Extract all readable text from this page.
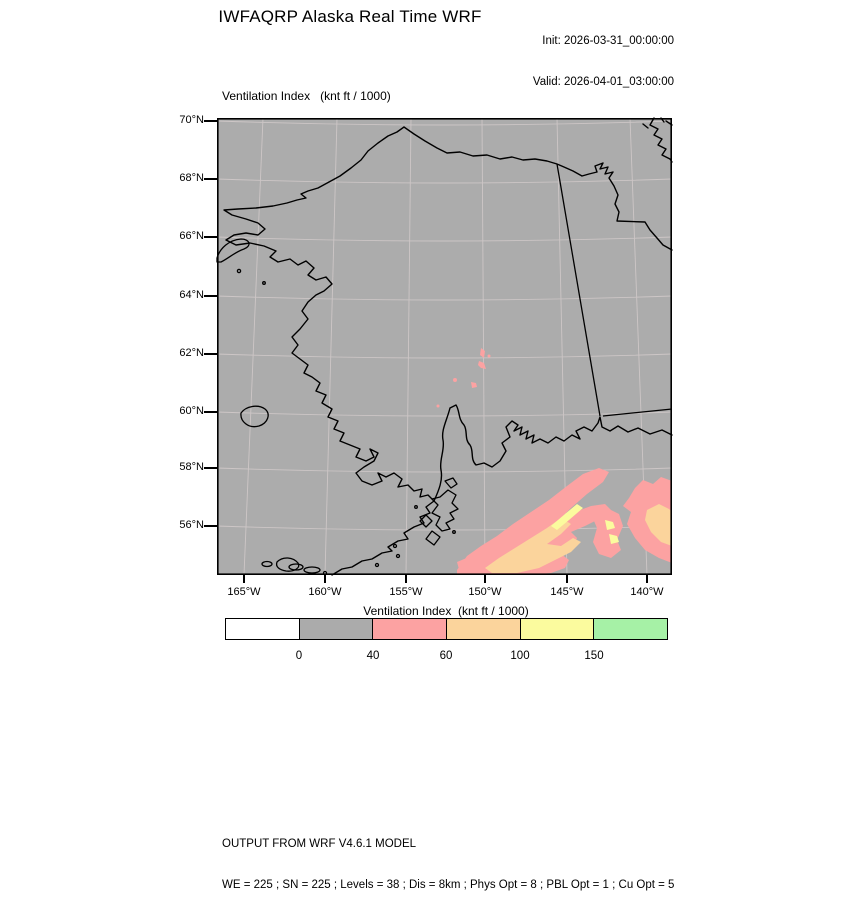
IWFAQRP Alaska Real Time WRF

Init: 2026-03-31_00:00:00

Valid: 2026-04-01_03:00:00

Ventilation Index   (knt ft / 1000)
70°N
68°N
66°N
64°N
62°N
60°N
58°N
56°N
165°W	160°W	155°W	150°W	145°W	140°W
Ventilation Index  (knt ft / 1000)
0	40	60	100	150

OUTPUT FROM WRF V4.6.1 MODEL

WE = 225 ; SN = 225 ; Levels = 38 ; Dis = 8km ; Phys Opt = 8 ; PBL Opt = 1 ; Cu Opt = 5
